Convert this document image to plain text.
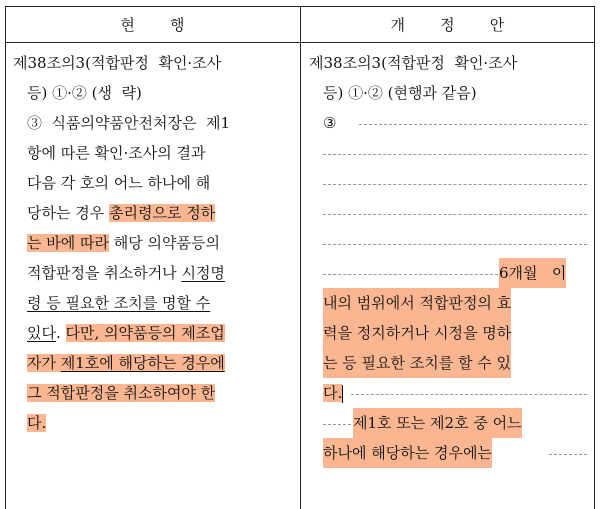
현 행	개 정 안
제38조의3(적합판정  확인·조사
등) ①·② (생  략)
③  식품의약품안전처장은  제1
항에 따른 확인·조사의 결과
다음 각 호의 어느 하나에 해
당하는 경우 총리령으로 정하
는 바에 따라 해당 의약품등의
적합판정을 취소하거나 시정명
령 등 필요한 조치를 명할 수
있다. 다만, 의약품등의 제조업
자가 제1호에 해당하는 경우에
그 적합판정을 취소하여야 한
다.
제38조의3(적합판정  확인·조사
등) ①·② (현행과 같음)
③
6개월   이
내의 범위에서 적합판정의 효
력을 정지하거나 시정을 명하
는 등 필요한 조치를 할 수 있
다.
제1호 또는 제2호 중 어느
하나에 해당하는 경우에는
